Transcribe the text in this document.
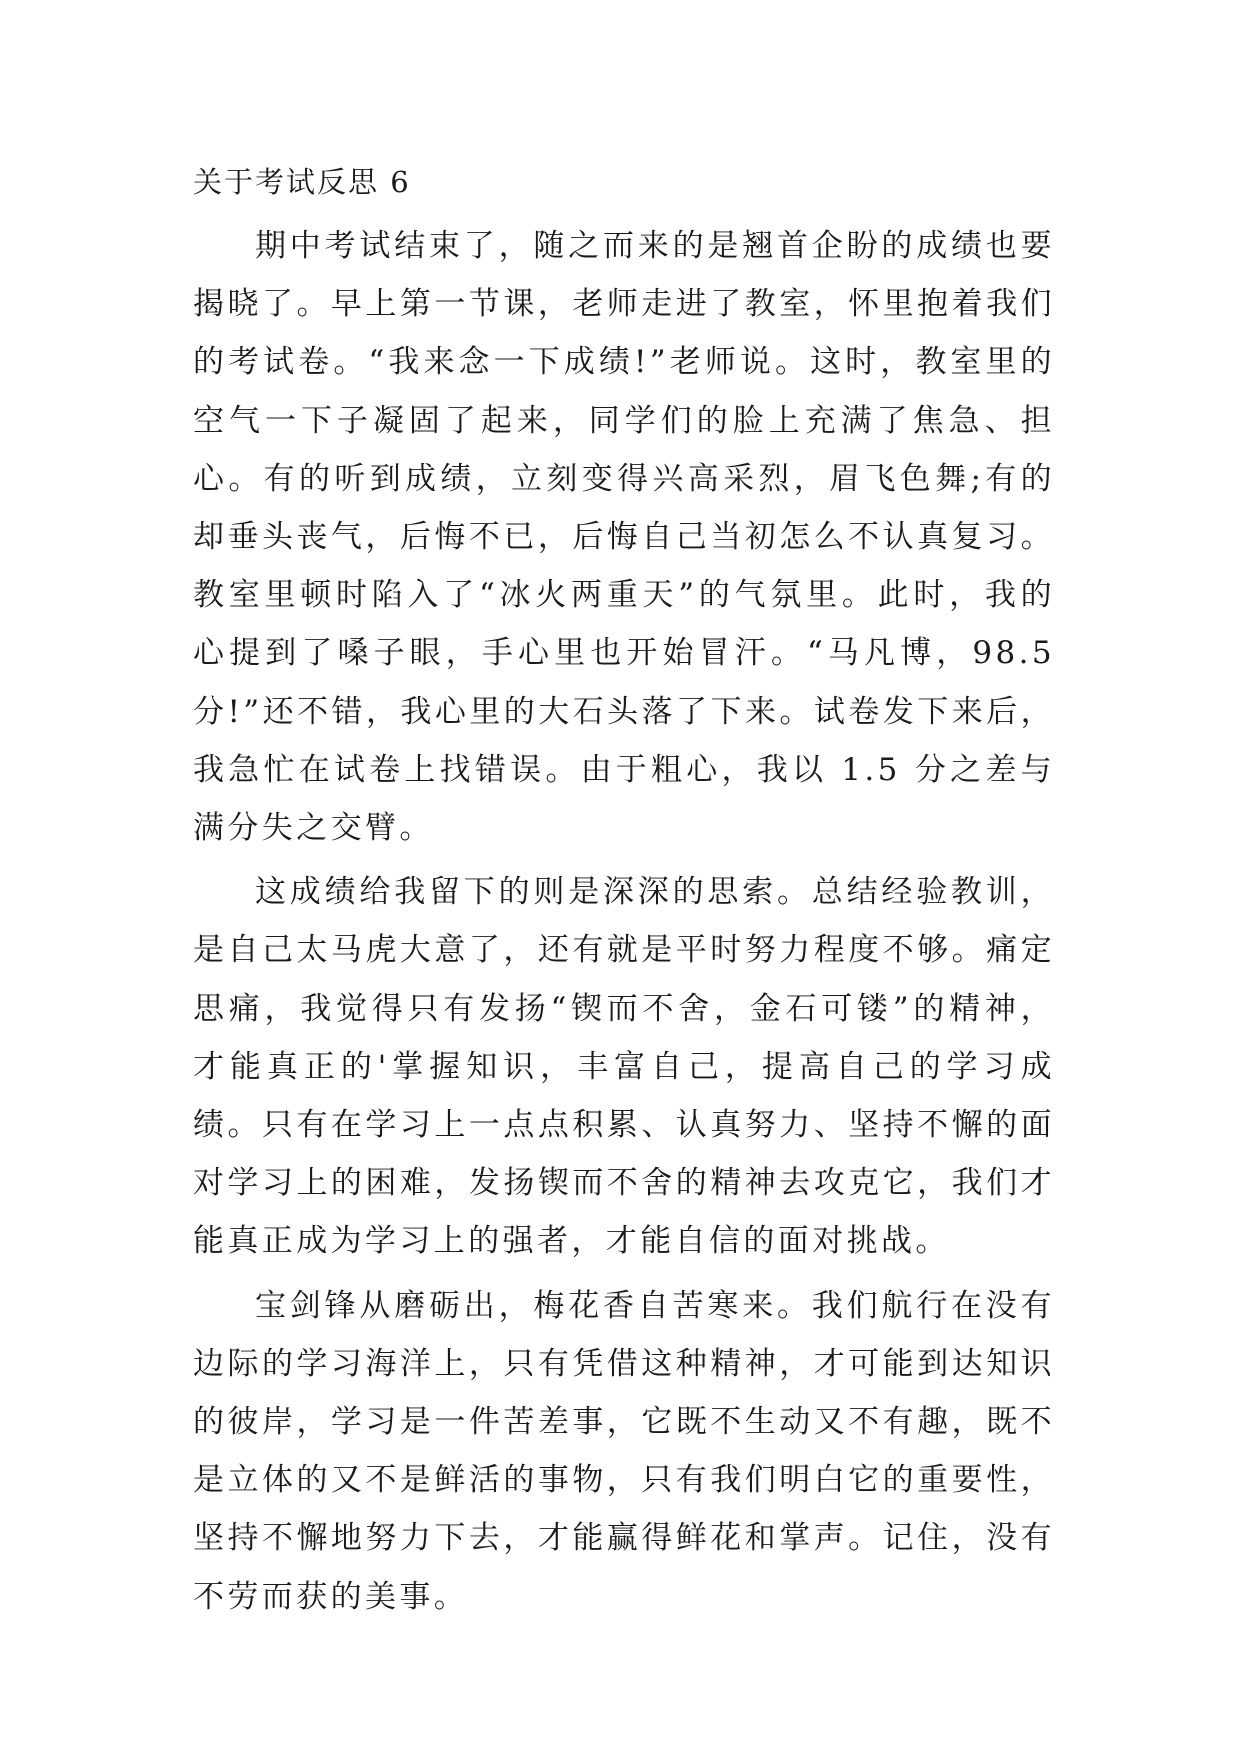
关于考试反思 6

期中考试结束了，随之而来的是翘首企盼的成绩也要揭晓了。早上第一节课，老师走进了教室，怀里抱着我们的考试卷。“我来念一下成绩!”老师说。这时，教室里的空气一下子凝固了起来，同学们的脸上充满了焦急、担心。有的听到成绩，立刻变得兴高采烈，眉飞色舞;有的却垂头丧气，后悔不已，后悔自己当初怎么不认真复习。教室里顿时陷入了“冰火两重天”的气氛里。此时，我的心提到了嗓子眼，手心里也开始冒汗。“马凡博，98.5 分!”还不错，我心里的大石头落了下来。试卷发下来后，我急忙在试卷上找错误。由于粗心，我以 1.5 分之差与满分失之交臂。

这成绩给我留下的则是深深的思索。总结经验教训，是自己太马虎大意了，还有就是平时努力程度不够。痛定思痛，我觉得只有发扬“锲而不舍，金石可镂”的精神，才能真正的'掌握知识，丰富自己，提高自己的学习成绩。只有在学习上一点点积累、认真努力、坚持不懈的面对学习上的困难，发扬锲而不舍的精神去攻克它，我们才能真正成为学习上的强者，才能自信的面对挑战。

宝剑锋从磨砺出，梅花香自苦寒来。我们航行在没有边际的学习海洋上，只有凭借这种精神，才可能到达知识的彼岸，学习是一件苦差事，它既不生动又不有趣，既不是立体的又不是鲜活的事物，只有我们明白它的重要性，坚持不懈地努力下去，才能赢得鲜花和掌声。记住，没有不劳而获的美事。
